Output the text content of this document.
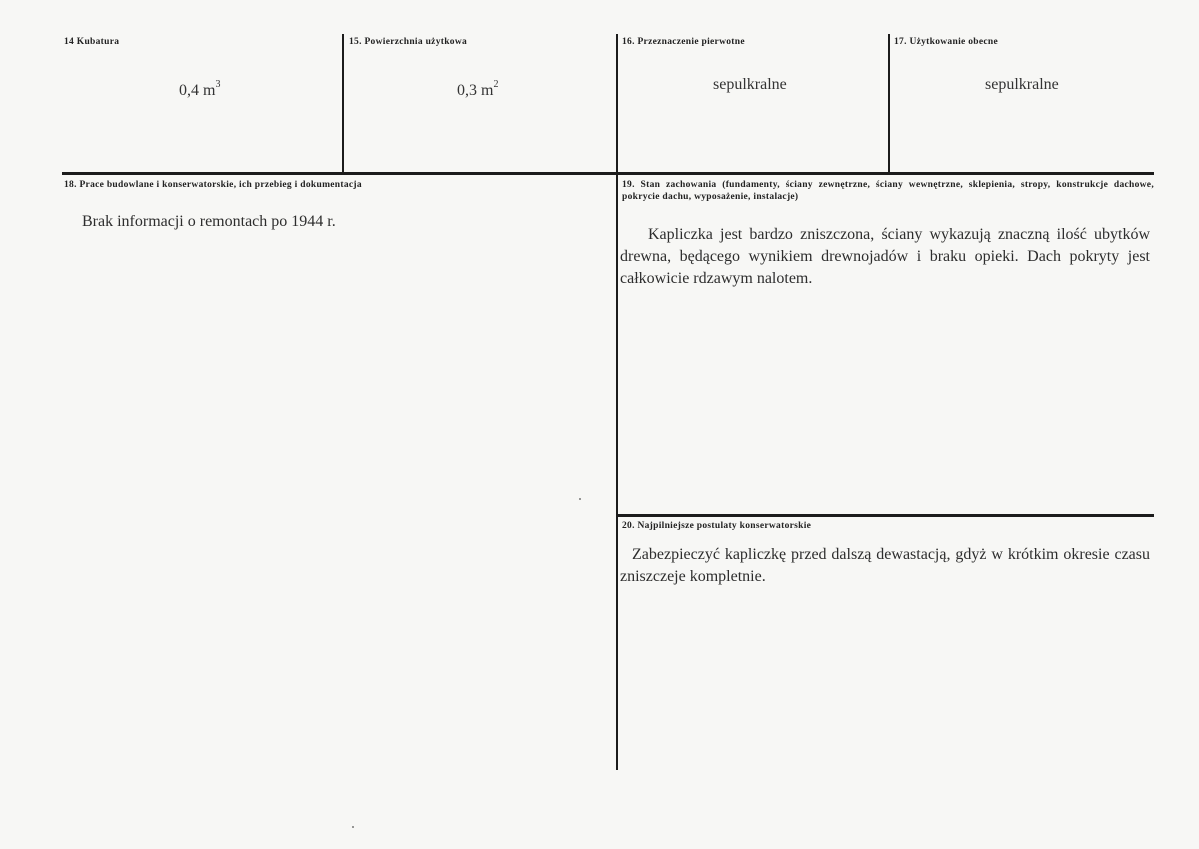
14 Kubatura
0,4 $m^3$
15. Powierzchnia użytkowa
0,3 $m^2$
16. Przeznaczenie pierwotne
sepulkralne
17. Użytkowanie obecne
sepulkralne
18. Prace budowlane i konserwatorskie, ich przebieg i dokumentacja
Brak informacji o remontach po 1944 r.
19. Stan zachowania (fundamenty, ściany zewnętrzne, ściany wewnętrzne, sklepienia, stropy, konstrukcje dachowe, pokrycie dachu, wyposażenie, instalacje)
Kapliczka jest bardzo zniszczona, ściany wykazują znaczną ilość ubytków drewna, będącego wynikiem drewnojadów i braku opieki. Dach pokryty jest całkowicie rdzawym nalotem.
20. Najpilniejsze postulaty konserwatorskie
Zabezpieczyć kapliczkę przed dalszą dewastacją, gdyż w krótkim okresie czasu zniszczeje kompletnie.
